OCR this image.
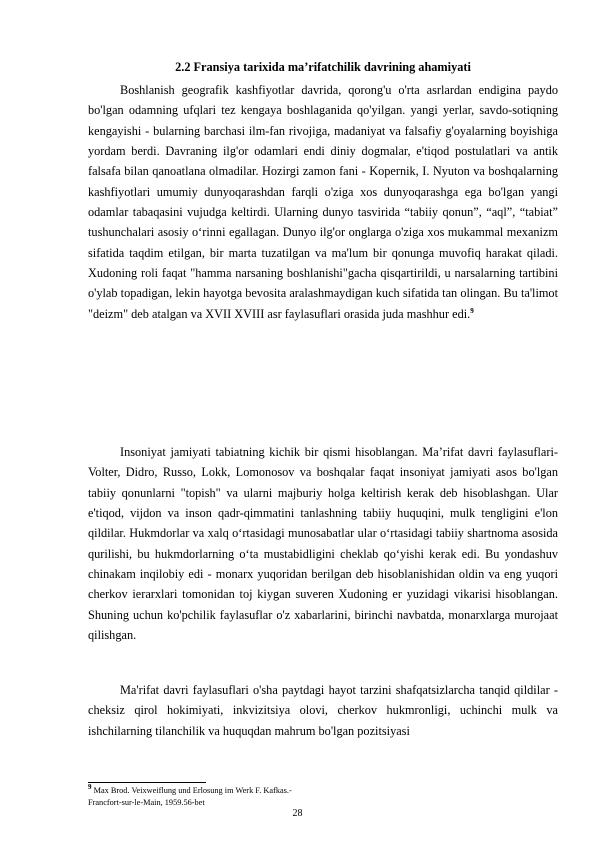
2.2 Fransiya tarixida ma’rifatchilik davrining ahamiyati

Boshlanish geografik kashfiyotlar davrida, qorong'u o'rta asrlardan endigina paydo bo'lgan odamning ufqlari tez kengaya boshlaganida qo'yilgan. yangi yerlar, savdo-sotiqning kengayishi - bularning barchasi ilm-fan rivojiga, madaniyat va falsafiy g'oyalarning boyishiga yordam berdi. Davraning ilg'or odamlari endi diniy dogmalar, e'tiqod postulatlari va antik falsafa bilan qanoatlana olmadilar. Hozirgi zamon fani - Kopernik, I. Nyuton va boshqalarning kashfiyotlari umumiy dunyoqarashdan farqli o'ziga xos dunyoqarashga ega bo'lgan yangi odamlar tabaqasini vujudga keltirdi. Ularning dunyo tasvirida “tabiiy qonun”, “aql”, “tabiat” tushunchalari asosiy o‘rinni egallagan. Dunyo ilg'or onglarga o'ziga xos mukammal mexanizm sifatida taqdim etilgan, bir marta tuzatilgan va ma'lum bir qonunga muvofiq harakat qiladi. Xudoning roli faqat "hamma narsaning boshlanishi"gacha qisqartirildi, u narsalarning tartibini o'ylab topadigan, lekin hayotga bevosita aralashmaydigan kuch sifatida tan olingan. Bu ta'limot "deizm" deb atalgan va XVII XVIII asr faylasuflari orasida juda mashhur edi.$^9$

Insoniyat jamiyati tabiatning kichik bir qismi hisoblangan. Ma’rifat davri faylasuflari- Volter, Didro, Russo, Lokk, Lomonosov va boshqalar faqat insoniyat jamiyati asos bo'lgan tabiiy qonunlarni "topish" va ularni majburiy holga keltirish kerak deb hisoblashgan. Ular e'tiqod, vijdon va inson qadr-qimmatini tanlashning tabiiy huquqini, mulk tengligini e'lon qildilar. Hukmdorlar va xalq o‘rtasidagi munosabatlar ular o‘rtasidagi tabiiy shartnoma asosida qurilishi, bu hukmdorlarning o‘ta mustabidligini cheklab qo‘yishi kerak edi. Bu yondashuv chinakam inqilobiy edi - monarx yuqoridan berilgan deb hisoblanishidan oldin va eng yuqori cherkov ierarxlari tomonidan toj kiygan suveren Xudoning er yuzidagi vikarisi hisoblangan. Shuning uchun ko'pchilik faylasuflar o'z xabarlarini, birinchi navbatda, monarxlarga murojaat qilishgan.

Ma'rifat davri faylasuflari o'sha paytdagi hayot tarzini shafqatsizlarcha tanqid qildilar - cheksiz qirol hokimiyati, inkvizitsiya olovi, cherkov hukmronligi, uchinchi mulk va ishchilarning tilanchilik va huquqdan mahrum bo'lgan pozitsiyasi

$^9$ Max Brod. Veixweiflung und Erlosung im Werk F. Kafkas.-
Francfort-sur-le-Main, 1959.56-bet
28
